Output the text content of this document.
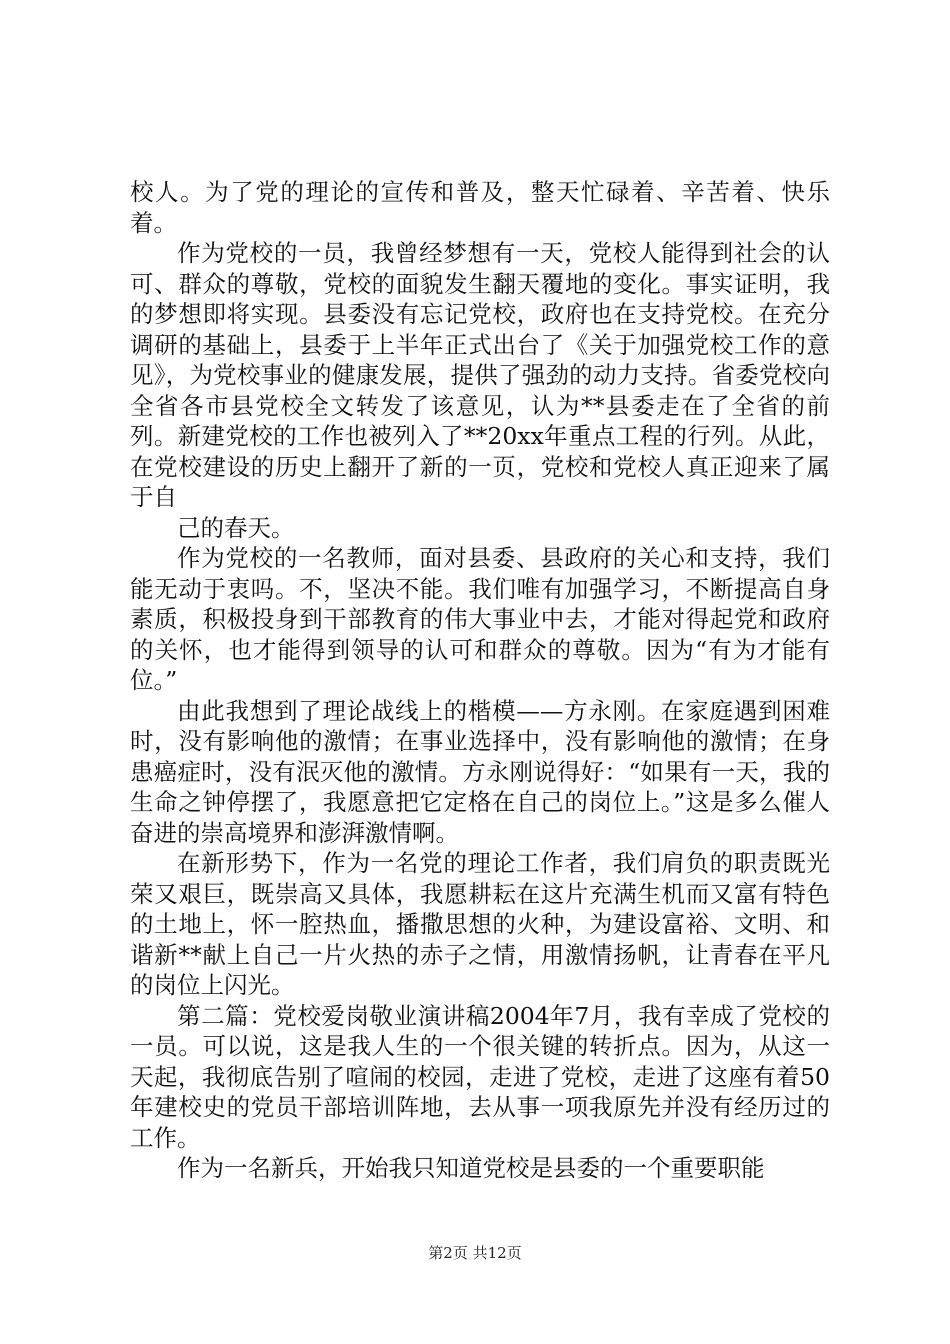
校人。为了党的理论的宣传和普及，整天忙碌着、辛苦着、快乐着。

作为党校的一员，我曾经梦想有一天，党校人能得到社会的认可、群众的尊敬，党校的面貌发生翻天覆地的变化。事实证明，我的梦想即将实现。县委没有忘记党校，政府也在支持党校。在充分调研的基础上，县委于上半年正式出台了《关于加强党校工作的意见》，为党校事业的健康发展，提供了强劲的动力支持。省委党校向全省各市县党校全文转发了该意见，认为**县委走在了全省的前列。新建党校的工作也被列入了**20xx年重点工程的行列。从此，在党校建设的历史上翻开了新的一页，党校和党校人真正迎来了属于自

己的春天。

作为党校的一名教师，面对县委、县政府的关心和支持，我们能无动于衷吗。不，坚决不能。我们唯有加强学习，不断提高自身素质，积极投身到干部教育的伟大事业中去，才能对得起党和政府的关怀，也才能得到领导的认可和群众的尊敬。因为“有为才能有位。”

由此我想到了理论战线上的楷模——方永刚。在家庭遇到困难时，没有影响他的激情；在事业选择中，没有影响他的激情；在身患癌症时，没有泯灭他的激情。方永刚说得好：“如果有一天，我的生命之钟停摆了，我愿意把它定格在自己的岗位上。”这是多么催人奋进的崇高境界和澎湃激情啊。

在新形势下，作为一名党的理论工作者，我们肩负的职责既光荣又艰巨，既崇高又具体，我愿耕耘在这片充满生机而又富有特色的土地上，怀一腔热血，播撒思想的火种，为建设富裕、文明、和谐新**献上自己一片火热的赤子之情，用激情扬帆，让青春在平凡的岗位上闪光。

第二篇：党校爱岗敬业演讲稿2004年7月，我有幸成了党校的一员。可以说，这是我人生的一个很关键的转折点。因为，从这一天起，我彻底告别了喧闹的校园，走进了党校，走进了这座有着50年建校史的党员干部培训阵地，去从事一项我原先并没有经历过的工作。

作为一名新兵，开始我只知道党校是县委的一个重要职能

第2页 共12页
